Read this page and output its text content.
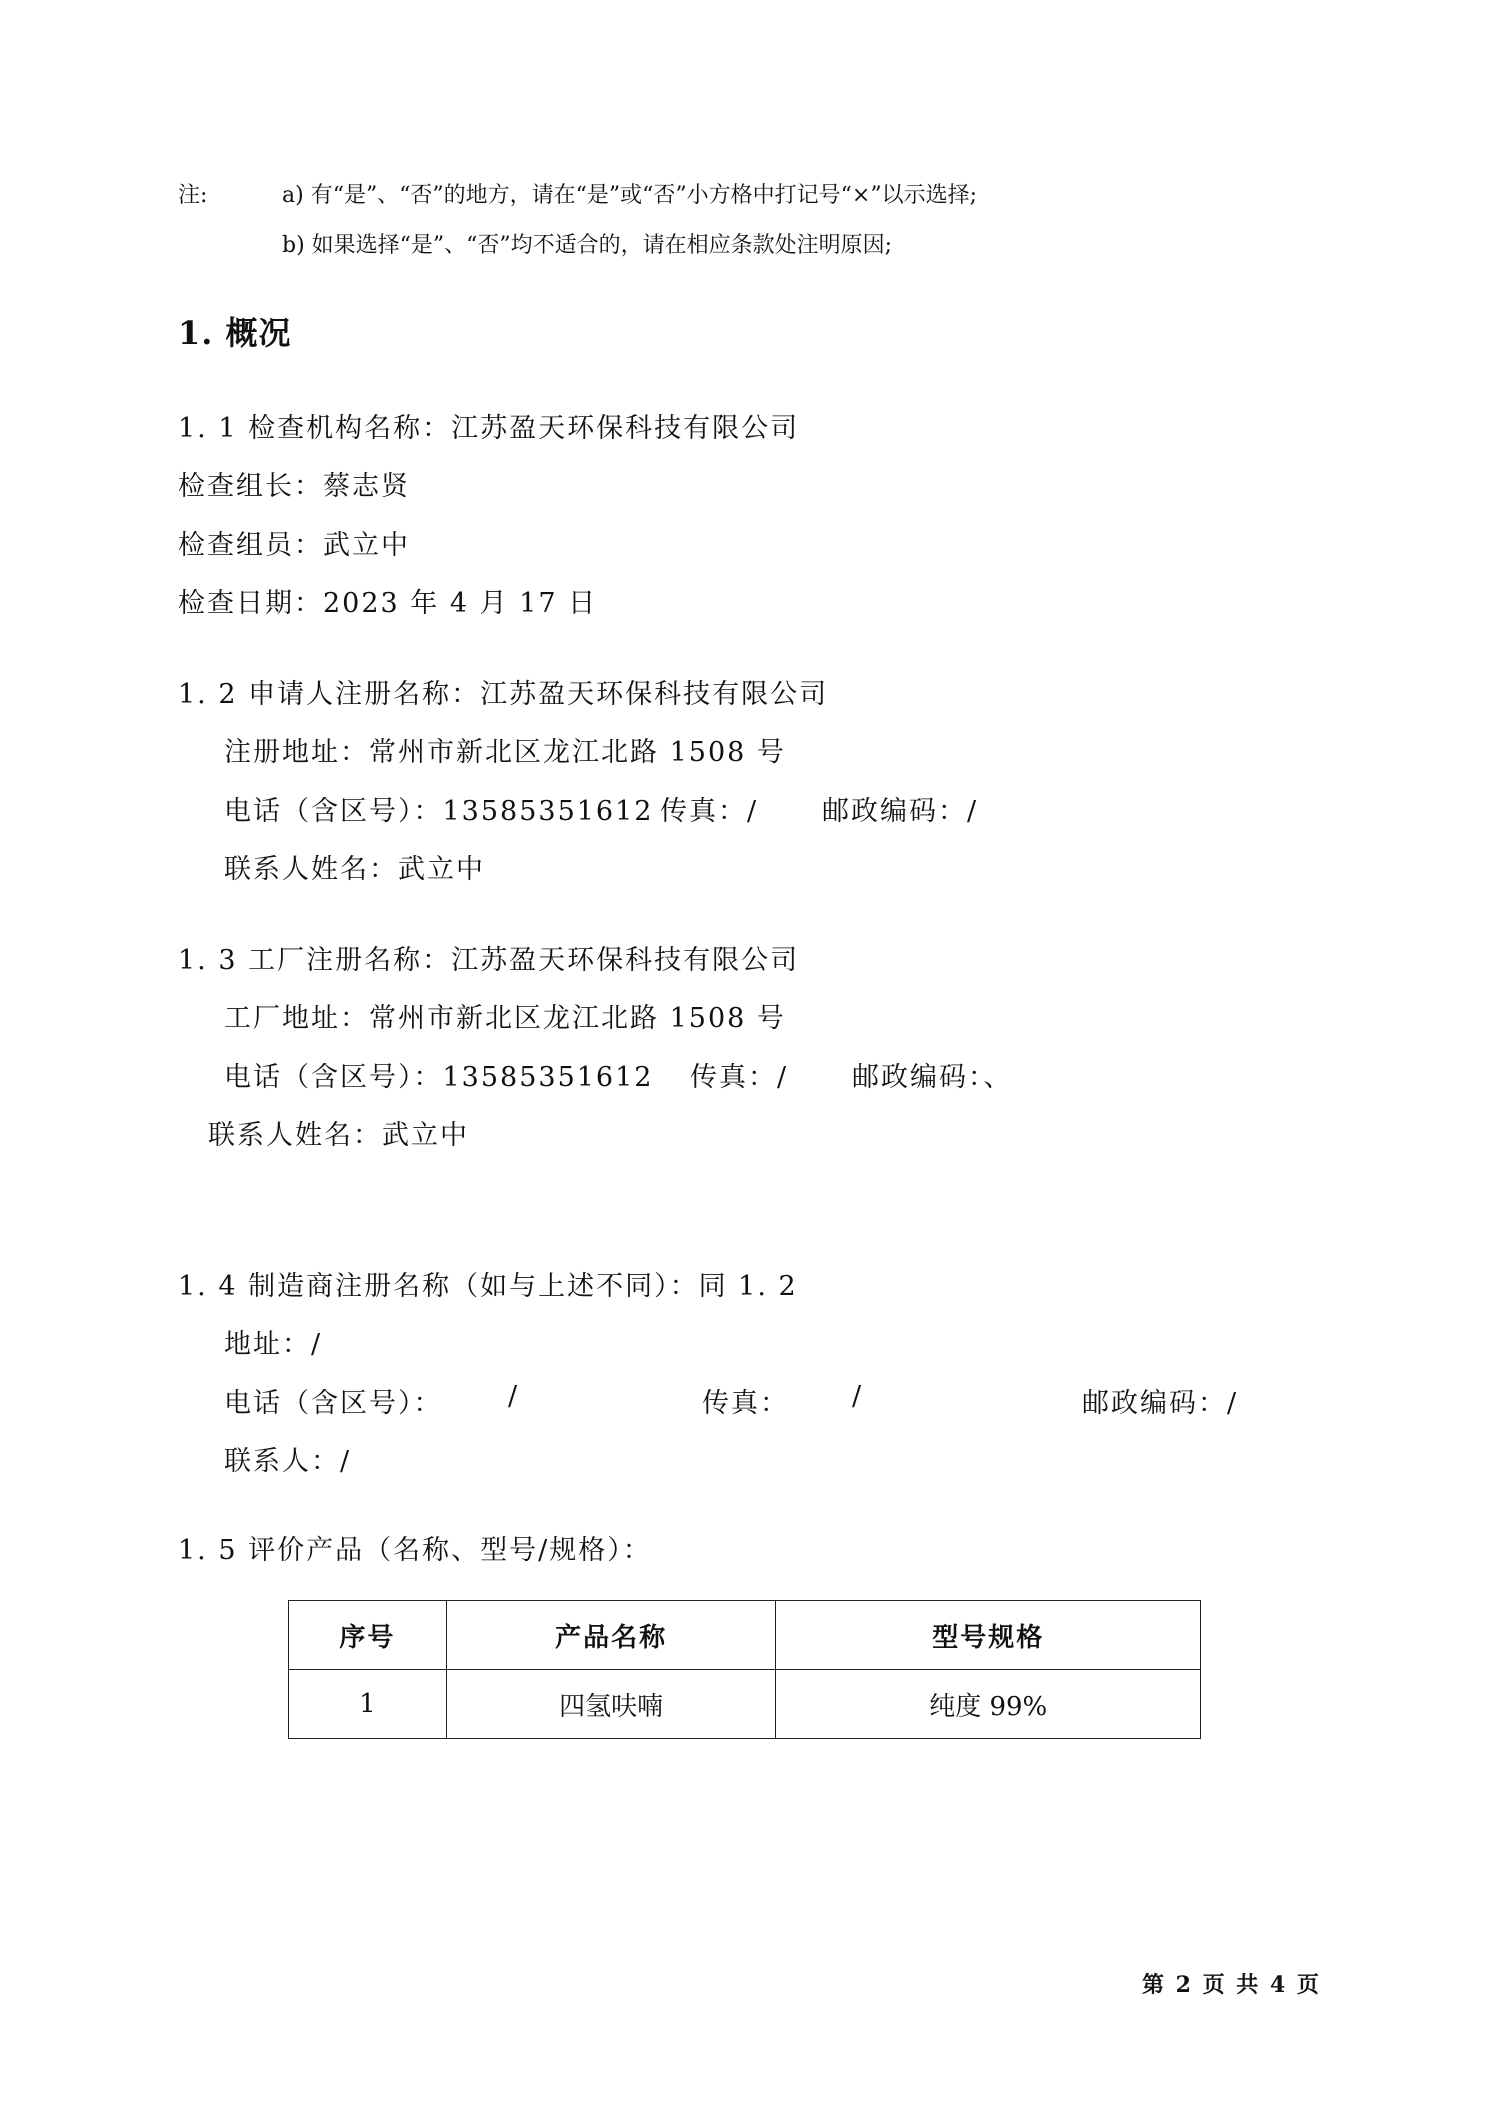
注:	a) 有“是”、“否”的地方，请在“是”或“否”小方格中打记号“×”以示选择;
b) 如果选择“是”、“否”均不适合的，请在相应条款处注明原因;
1. 概况
1. 1 检查机构名称：江苏盈天环保科技有限公司
检查组长：蔡志贤
检查组员：武立中
检查日期：2023 年 4 月 17 日
1. 2 申请人注册名称：江苏盈天环保科技有限公司
注册地址：常州市新北区龙江北路 1508 号
电话（含区号）：13585351612 传真：/ 邮政编码：/
联系人姓名：武立中
1. 3 工厂注册名称：江苏盈天环保科技有限公司
工厂地址：常州市新北区龙江北路 1508 号
电话（含区号）：13585351612 传真：/ 邮政编码：、
联系人姓名：武立中
1. 4 制造商注册名称（如与上述不同）：同 1. 2
地址：/
电话（含区号）： /	传真： /	邮政编码：/
联系人：/
1. 5 评价产品（名称、型号/规格）：
序号	产品名称	型号规格
1	四氢呋喃	纯度 99%
第 2 页 共 4 页
